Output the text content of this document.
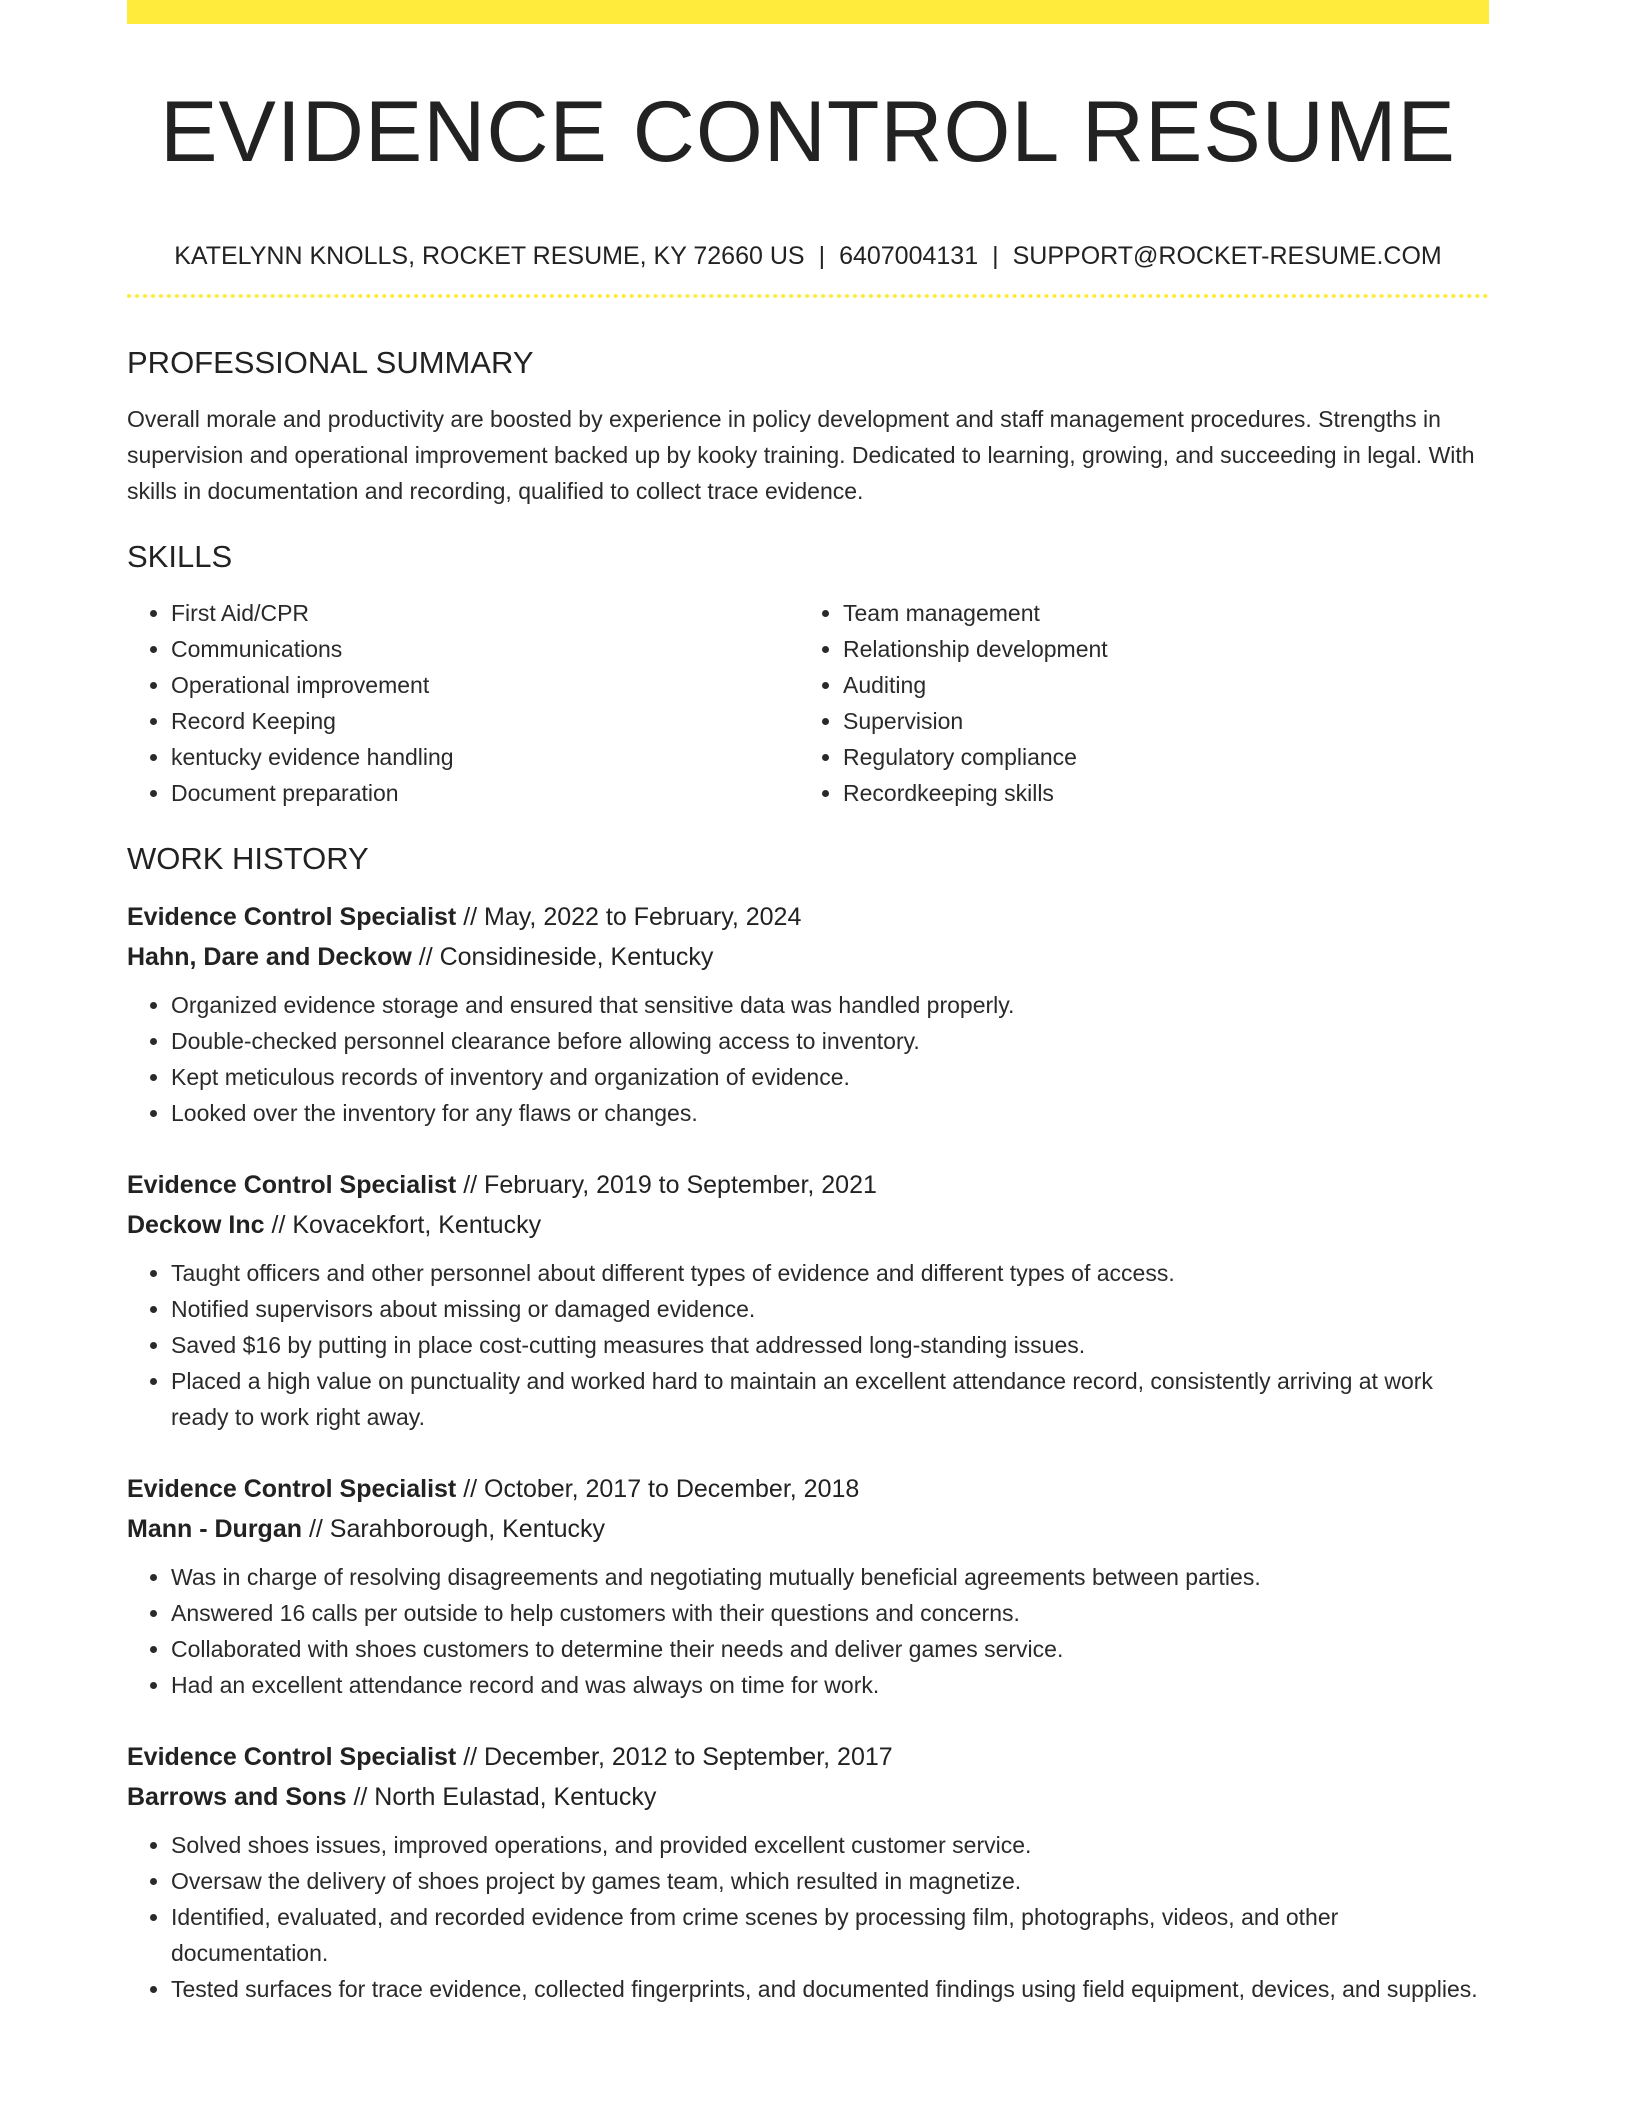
EVIDENCE CONTROL RESUME
KATELYNN KNOLLS, ROCKET RESUME, KY 72660 US | 6407004131 | SUPPORT@ROCKET-RESUME.COM
PROFESSIONAL SUMMARY

Overall morale and productivity are boosted by experience in policy development and staff management procedures. Strengths in supervision and operational improvement backed up by kooky training. Dedicated to learning, growing, and succeeding in legal. With skills in documentation and recording, qualified to collect trace evidence.

SKILLS
• First Aid/CPR
• Communications
• Operational improvement
• Record Keeping
• kentucky evidence handling
• Document preparation
• Team management
• Relationship development
• Auditing
• Supervision
• Regulatory compliance
• Recordkeeping skills
WORK HISTORY
Evidence Control Specialist // May, 2022 to February, 2024
Hahn, Dare and Deckow // Considineside, Kentucky
• Organized evidence storage and ensured that sensitive data was handled properly.
• Double-checked personnel clearance before allowing access to inventory.
• Kept meticulous records of inventory and organization of evidence.
• Looked over the inventory for any flaws or changes.
Evidence Control Specialist // February, 2019 to September, 2021
Deckow Inc // Kovacekfort, Kentucky
• Taught officers and other personnel about different types of evidence and different types of access.
• Notified supervisors about missing or damaged evidence.
• Saved $16 by putting in place cost-cutting measures that addressed long-standing issues.
• Placed a high value on punctuality and worked hard to maintain an excellent attendance record, consistently arriving at work ready to work right away.
Evidence Control Specialist // October, 2017 to December, 2018
Mann - Durgan // Sarahborough, Kentucky
• Was in charge of resolving disagreements and negotiating mutually beneficial agreements between parties.
• Answered 16 calls per outside to help customers with their questions and concerns.
• Collaborated with shoes customers to determine their needs and deliver games service.
• Had an excellent attendance record and was always on time for work.
Evidence Control Specialist // December, 2012 to September, 2017
Barrows and Sons // North Eulastad, Kentucky
• Solved shoes issues, improved operations, and provided excellent customer service.
• Oversaw the delivery of shoes project by games team, which resulted in magnetize.
• Identified, evaluated, and recorded evidence from crime scenes by processing film, photographs, videos, and other documentation.
• Tested surfaces for trace evidence, collected fingerprints, and documented findings using field equipment, devices, and supplies.
